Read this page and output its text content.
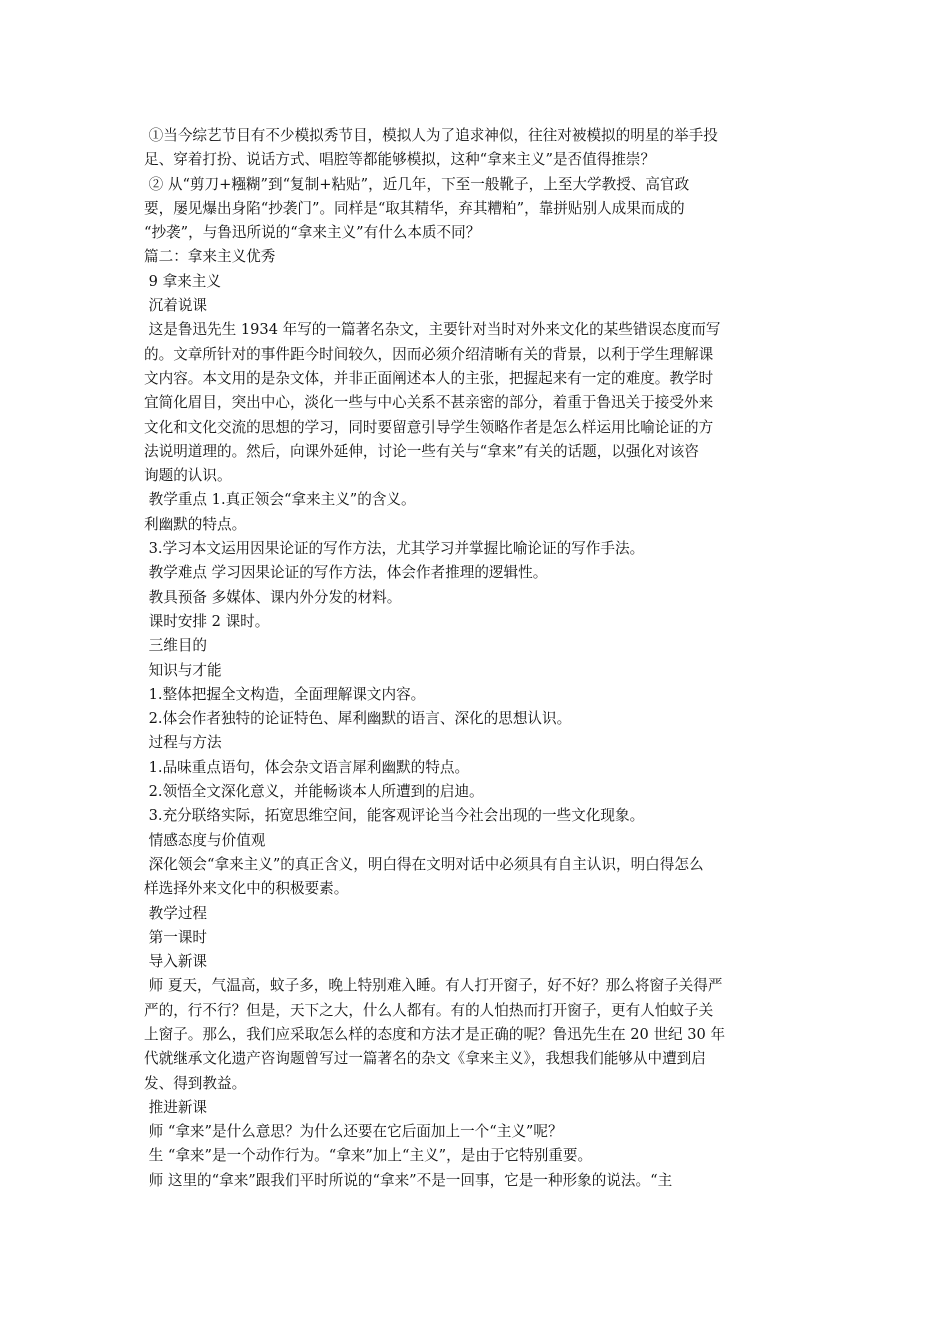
①当今综艺节目有不少模拟秀节目，模拟人为了追求神似，往往对被模拟的明星的举手投
足、穿着打扮、说话方式、唱腔等都能够模拟，这种“拿来主义”是否值得推崇？
② 从“剪刀+糨糊”到“复制+粘贴”，近几年，下至一般靴子，上至大学教授、高官政
要，屡见爆出身陷“抄袭门”。同样是“取其精华，弃其糟粕”，靠拼贴别人成果而成的
“抄袭”，与鲁迅所说的“拿来主义”有什么本质不同？
篇二：拿来主义优秀
9 拿来主义
沉着说课
这是鲁迅先生 1934 年写的一篇著名杂文，主要针对当时对外来文化的某些错误态度而写
的。文章所针对的事件距今时间较久，因而必须介绍清晰有关的背景，以利于学生理解课
文内容。本文用的是杂文体，并非正面阐述本人的主张，把握起来有一定的难度。教学时
宜简化眉目，突出中心，淡化一些与中心关系不甚亲密的部分，着重于鲁迅关于接受外来
文化和文化交流的思想的学习，同时要留意引导学生领略作者是怎么样运用比喻论证的方
法说明道理的。然后，向课外延伸，讨论一些有关与“拿来”有关的话题，以强化对该咨
询题的认识。
教学重点 1.真正领会“拿来主义”的含义。
利幽默的特点。
3.学习本文运用因果论证的写作方法，尤其学习并掌握比喻论证的写作手法。
教学难点 学习因果论证的写作方法，体会作者推理的逻辑性。
教具预备 多媒体、课内外分发的材料。
课时安排 2 课时。
三维目的
知识与才能
1.整体把握全文构造，全面理解课文内容。
2.体会作者独特的论证特色、犀利幽默的语言、深化的思想认识。
过程与方法
1.品味重点语句，体会杂文语言犀利幽默的特点。
2.领悟全文深化意义，并能畅谈本人所遭到的启迪。
3.充分联络实际，拓宽思维空间，能客观评论当今社会出现的一些文化现象。
情感态度与价值观
深化领会“拿来主义”的真正含义，明白得在文明对话中必须具有自主认识，明白得怎么
样选择外来文化中的积极要素。
教学过程
第一课时
导入新课
师 夏天，气温高，蚊子多，晚上特别难入睡。有人打开窗子，好不好？那么将窗子关得严
严的，行不行？但是，天下之大，什么人都有。有的人怕热而打开窗子，更有人怕蚊子关
上窗子。那么，我们应采取怎么样的态度和方法才是正确的呢？鲁迅先生在 20 世纪 30 年
代就继承文化遗产咨询题曾写过一篇著名的杂文《拿来主义》，我想我们能够从中遭到启
发、得到教益。
推进新课
师 “拿来”是什么意思？为什么还要在它后面加上一个“主义”呢？
生 “拿来”是一个动作行为。“拿来”加上“主义”，是由于它特别重要。
师 这里的“拿来”跟我们平时所说的“拿来”不是一回事，它是一种形象的说法。“主
